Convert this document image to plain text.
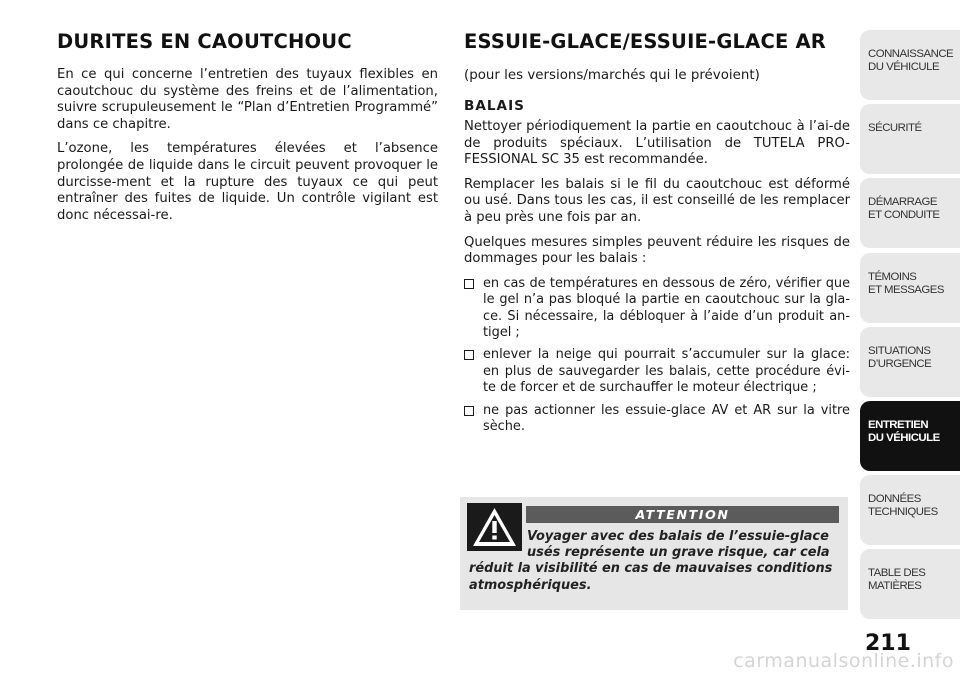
DURITES EN CAOUTCHOUC

En ce qui concerne l’entretien des tuyaux flexibles en caoutchouc du système des freins et de l’alimentation, suivre scrupuleusement le “Plan d’Entretien Programmé” dans ce chapitre.

L’ozone, les températures élevées et l’absence prolongée de liquide dans le circuit peuvent provoquer le durcisse-ment et la rupture des tuyaux ce qui peut entraîner des fuites de liquide. Un contrôle vigilant est donc nécessai-re.

ESSUIE-GLACE/ESSUIE-GLACE AR
(pour les versions/marchés qui le prévoient)
BALAIS

Nettoyer périodiquement la partie en caoutchouc à l’ai-de de produits spéciaux. L’utilisation de TUTELA PRO-FESSIONAL SC 35 est recommandée.

Remplacer les balais si le fil du caoutchouc est déformé ou usé. Dans tous les cas, il est conseillé de les remplacer à peu près une fois par an.

Quelques mesures simples peuvent réduire les risques de dommages pour les balais :

en cas de températures en dessous de zéro, vérifier que le gel n’a pas bloqué la partie en caoutchouc sur la gla-ce. Si nécessaire, la débloquer à l’aide d’un produit an-tigel ;
enlever la neige qui pourrait s’accumuler sur la glace: en plus de sauvegarder les balais, cette procédure évi-te de forcer et de surchauffer le moteur électrique ;
ne pas actionner les essuie-glace AV et AR sur la vitre sèche.
ATTENTION
Voyager avec des balais de l’essuie-glace usés représente un grave risque, car cela
réduit la visibilité en cas de mauvaises conditions atmosphériques.
CONNAISSANCE
DU VÉHICULE
SÉCURITÉ

DÉMARRAGE
ET CONDUITE
TÉMOINS
ET MESSAGES
SITUATIONS
D’URGENCE
ENTRETIEN
DU VÉHICULE
DONNÉES
TECHNIQUES
TABLE DES
MATIÈRES
211
carmanualsonline.info
